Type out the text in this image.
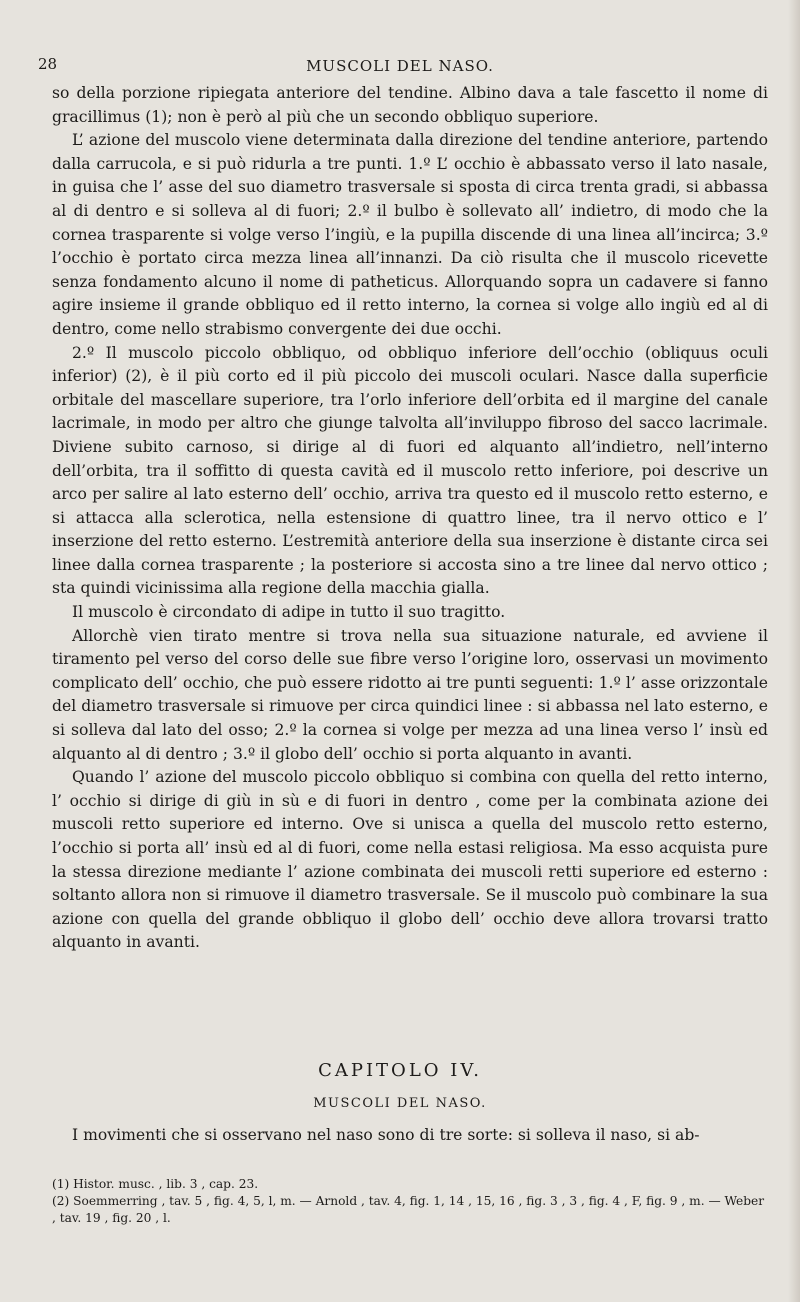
28	MUSCOLI DEL NASO.

so della porzione ripiegata anteriore del tendine. Albino dava a tale fascetto il nome di gracillimus (1); non è però al più che un secondo obbliquo superiore.

L’ azione del muscolo viene determinata dalla direzione del tendine anteriore, partendo dalla carrucola, e si può ridurla a tre punti. 1.º L’ occhio è abbassato verso il lato nasale, in guisa che l’ asse del suo diametro trasversale si sposta di circa trenta gradi, si abbassa al di dentro e si solleva al di fuori; 2.º il bulbo è sollevato all’ indietro, di modo che la cornea trasparente si volge verso l’ingiù, e la pupilla discende di una linea all’incirca; 3.º l’occhio è portato circa mezza linea all’innanzi. Da ciò risulta che il muscolo ricevette senza fondamento alcuno il nome di patheticus. Allorquando sopra un cadavere si fanno agire insieme il grande obbliquo ed il retto interno, la cornea si volge allo ingiù ed al di dentro, come nello strabismo convergente dei due occhi.

2.º Il muscolo piccolo obbliquo, od obbliquo inferiore dell’occhio (obliquus oculi inferior) (2), è il più corto ed il più piccolo dei muscoli oculari. Nasce dalla superficie orbitale del mascellare superiore, tra l’orlo inferiore dell’orbita ed il margine del canale lacrimale, in modo per altro che giunge talvolta all’inviluppo fibroso del sacco lacrimale. Diviene subito carnoso, si dirige al di fuori ed alquanto all’indietro, nell’interno dell’orbita, tra il soffitto di questa cavità ed il muscolo retto inferiore, poi descrive un arco per salire al lato esterno dell’ occhio, arriva tra questo ed il muscolo retto esterno, e si attacca alla sclerotica, nella estensione di quattro linee, tra il nervo ottico e l’ inserzione del retto esterno. L’estremità anteriore della sua inserzione è distante circa sei linee dalla cornea trasparente ; la posteriore si accosta sino a tre linee dal nervo ottico ; sta quindi vicinissima alla regione della macchia gialla.

Il muscolo è circondato di adipe in tutto il suo tragitto.

Allorchè vien tirato mentre si trova nella sua situazione naturale, ed avviene il tiramento pel verso del corso delle sue fibre verso l’origine loro, osservasi un movimento complicato dell’ occhio, che può essere ridotto ai tre punti seguenti: 1.º l’ asse orizzontale del diametro trasversale si rimuove per circa quindici linee : si abbassa nel lato esterno, e si solleva dal lato del osso; 2.º la cornea si volge per mezza ad una linea verso l’ insù ed alquanto al di dentro ; 3.º il globo dell’ occhio si porta alquanto in avanti.

Quando l’ azione del muscolo piccolo obbliquo si combina con quella del retto interno, l’ occhio si dirige di giù in sù e di fuori in dentro , come per la combinata azione dei muscoli retto superiore ed interno. Ove si unisca a quella del muscolo retto esterno, l’occhio si porta all’ insù ed al di fuori, come nella estasi religiosa. Ma esso acquista pure la stessa direzione mediante l’ azione combinata dei muscoli retti superiore ed esterno : soltanto allora non si rimuove il diametro trasversale. Se il muscolo può combinare la sua azione con quella del grande obbliquo il globo dell’ occhio deve allora trovarsi tratto alquanto in avanti.

CAPITOLO IV.
MUSCOLI DEL NASO.
I movimenti che si osservano nel naso sono di tre sorte: si solleva il naso, si ab-

(1) Histor. musc. , lib. 3 , cap. 23.

(2) Soemmerring , tav. 5 , fig. 4, 5, l, m. — Arnold , tav. 4, fig. 1, 14 , 15, 16 , fig. 3 , 3 , fig. 4 , F, fig. 9 , m. — Weber , tav. 19 , fig. 20 , l.
